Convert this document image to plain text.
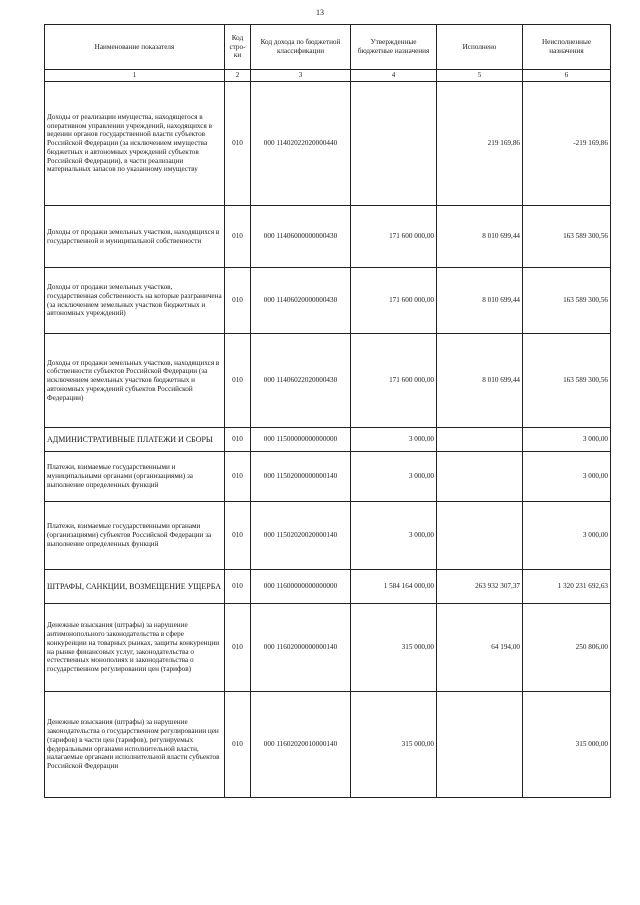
13
Наименование показателя	Код стро-ки	Код дохода по бюджетной классификации	Утвержденные бюджетные назначения	Исполнено	Неисполненные назначения
1	2	3	4	5	6
Доходы от реализации имущества, находящегося в оперативном управлении учреждений, находящихся в ведении органов государственной власти субъектов Российской Федерации (за исключением имущества бюджетных и автономных учреждений субъектов Российской Федерации), в части реализации материальных запасов по указанному имуществу	010	000 11402022020000440		219 169,86	-219 169,86
Доходы от продажи земельных участков, находящихся в государственной и муниципальной собственности	010	000 11406000000000430	171 600 000,00	8 010 699,44	163 589 300,56
Доходы от продажи земельных участков, государственная собственность на которые разграничена (за исключением земельных участков бюджетных и автономных учреждений)	010	000 11406020000000430	171 600 000,00	8 010 699,44	163 589 300,56
Доходы от продажи земельных участков, находящихся в собственности субъектов Российской Федерации (за исключением земельных участков бюджетных и автономных учреждений субъектов Российской Федерации)	010	000 11406022020000430	171 600 000,00	8 010 699,44	163 589 300,56
АДМИНИСТРАТИВНЫЕ ПЛАТЕЖИ И СБОРЫ	010	000 11500000000000000	3 000,00		3 000,00
Платежи, взимаемые государственными и муниципальными органами (организациями) за выполнение определенных функций	010	000 11502000000000140	3 000,00		3 000,00
Платежи, взимаемые государственными органами (организациями) субъектов Российской Федерации за выполнение определенных функций	010	000 11502020020000140	3 000,00		3 000,00
ШТРАФЫ, САНКЦИИ, ВОЗМЕЩЕНИЕ УЩЕРБА	010	000 11600000000000000	1 584 164 000,00	263 932 307,37	1 320 231 692,63
Денежные взыскания (штрафы) за нарушение антимонопольного законодательства в сфере конкуренции на товарных рынках, защиты конкуренции на рынке финансовых услуг, законодательства о естественных монополиях и законодательства о государственном регулировании цен (тарифов)	010	000 11602000000000140	315 000,00	64 194,00	250 806,00
Денежные взыскания (штрафы) за нарушение законодательства о государственном регулировании цен (тарифов) в части цен (тарифов), регулируемых федеральными органами исполнительной власти, налагаемые органами исполнительной власти субъектов Российской Федерации	010	000 11602020010000140	315 000,00		315 000,00
